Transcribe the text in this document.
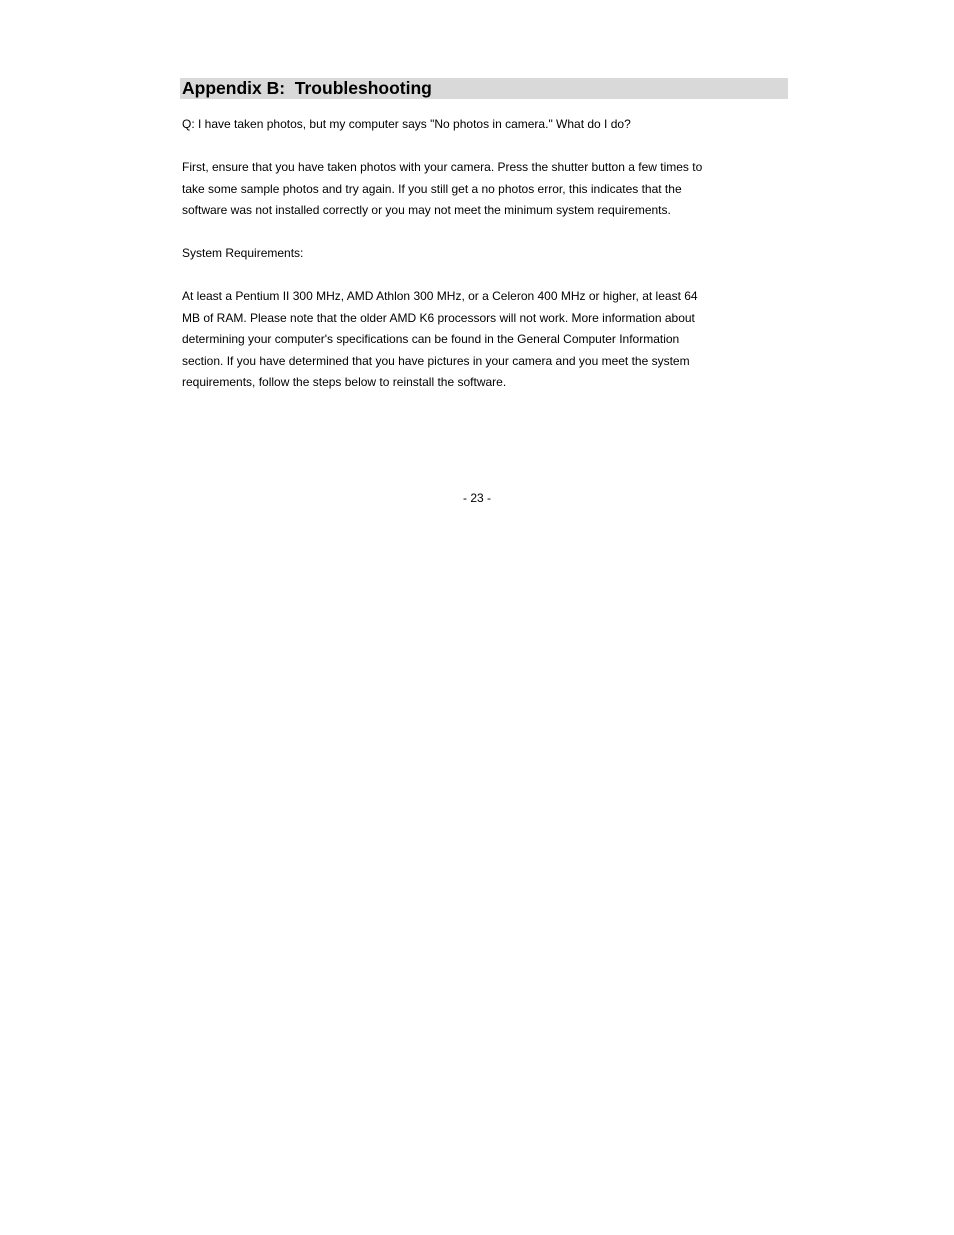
Appendix B:  Troubleshooting

Q: I have taken photos, but my computer says "No photos in camera." What do I do?

First, ensure that you have taken photos with your camera. Press the shutter button a few times to
take some sample photos and try again. If you still get a no photos error, this indicates that the
software was not installed correctly or you may not meet the minimum system requirements.

System Requirements:

At least a Pentium II 300 MHz, AMD Athlon 300 MHz, or a Celeron 400 MHz or higher, at least 64
MB of RAM. Please note that the older AMD K6 processors will not work. More information about
determining your computer's specifications can be found in the General Computer Information
section. If you have determined that you have pictures in your camera and you meet the system
requirements, follow the steps below to reinstall the software.

- 23 -
